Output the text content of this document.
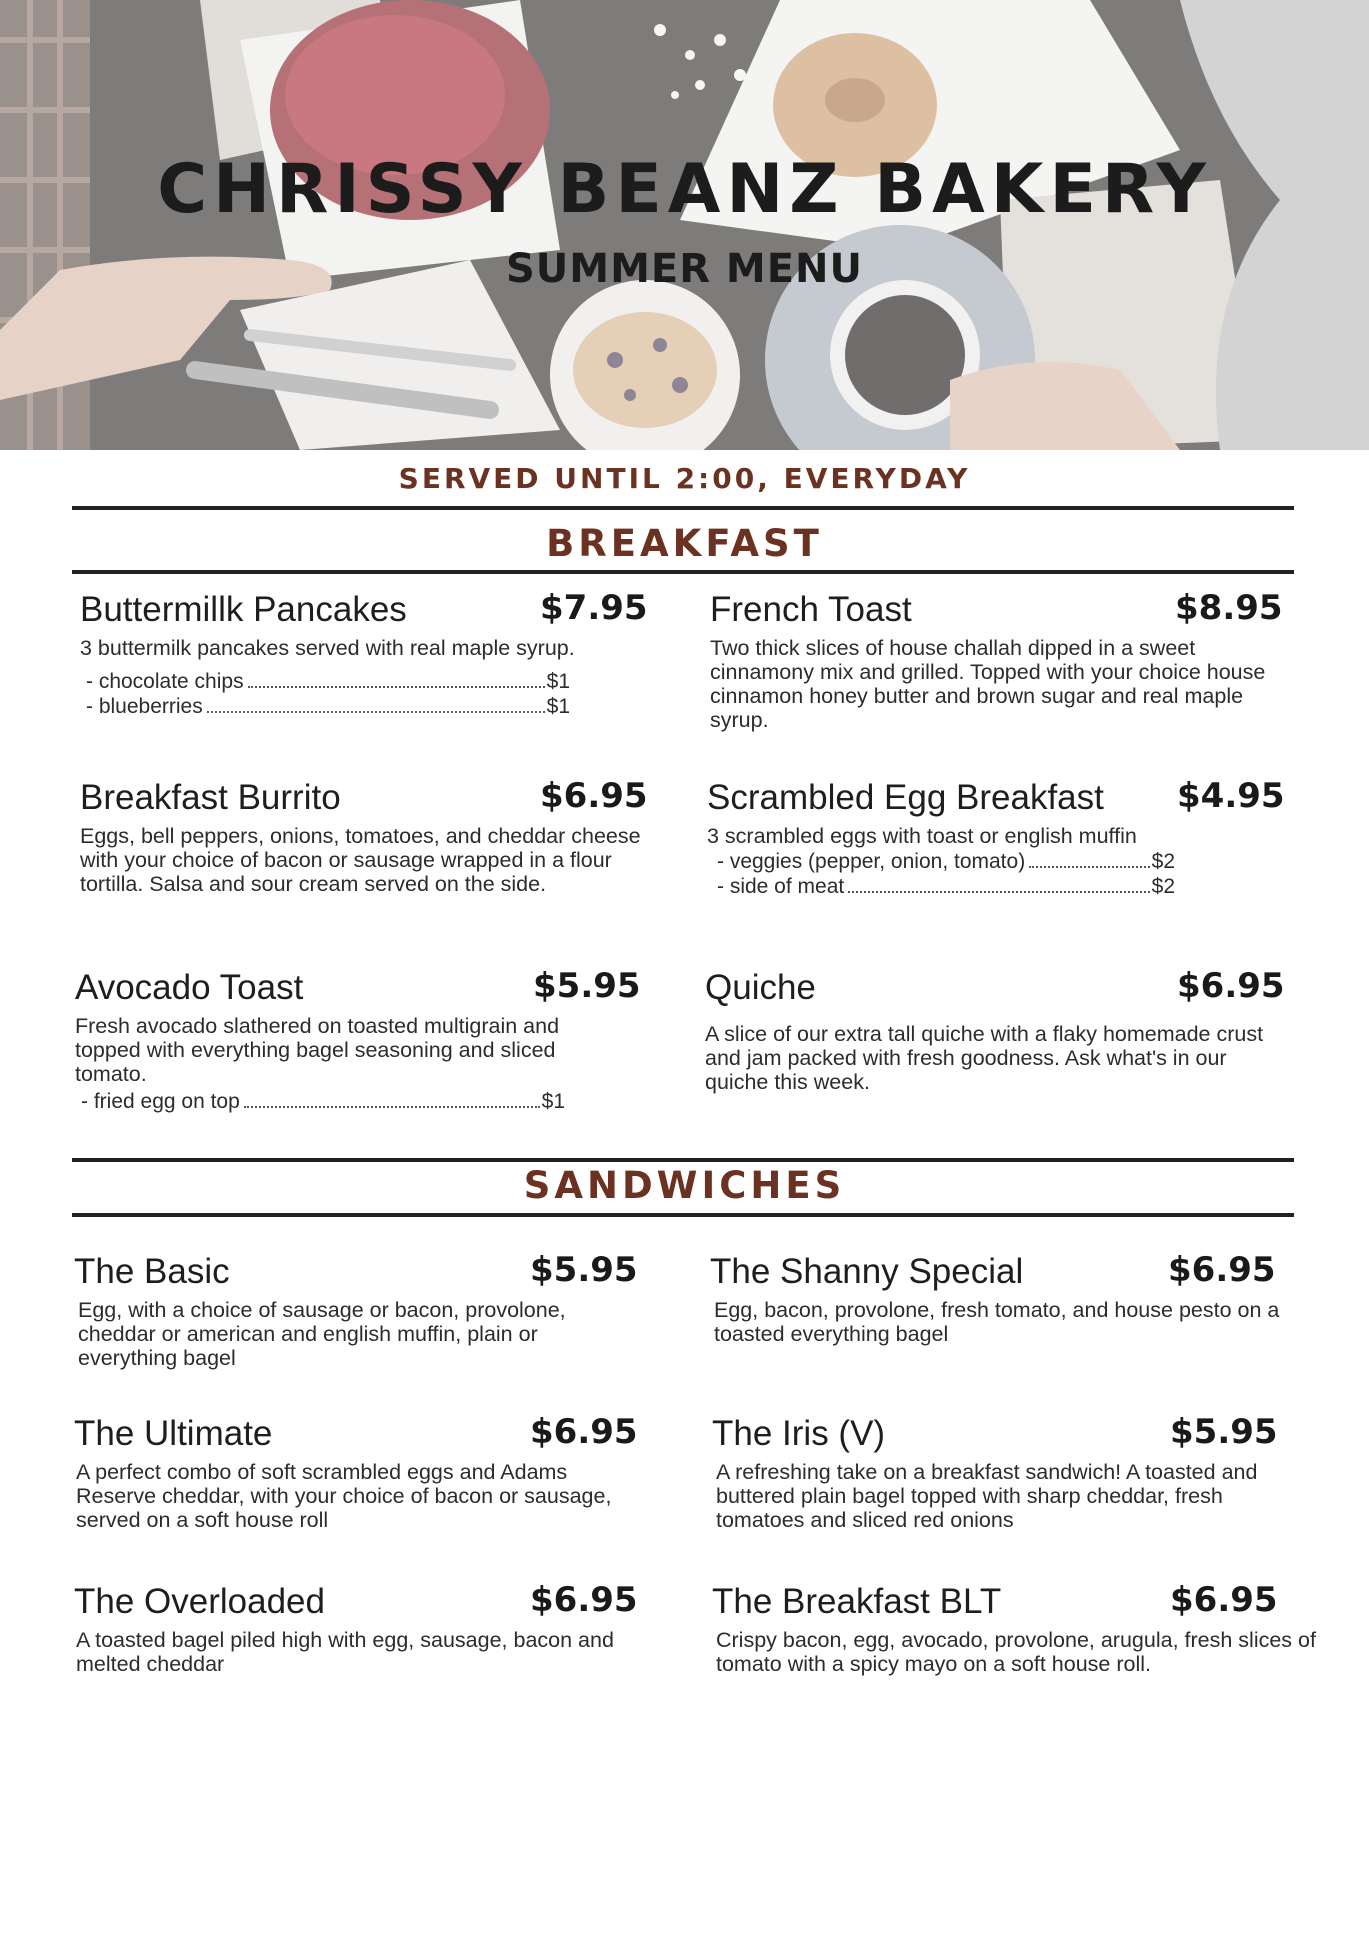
CHRISSY BEANZ BAKERY
SUMMER MENU
SERVED UNTIL 2:00, EVERYDAY
BREAKFAST
Buttermillk Pancakes	$7.95
3 buttermilk pancakes served with real maple syrup.
- chocolate chips	$1
- blueberries	$1
French Toast	$8.95
Two thick slices of house challah dipped in a sweet cinnamony mix and grilled. Topped with your choice house cinnamon honey butter and brown sugar and real maple syrup.
Breakfast Burrito	$6.95
Eggs, bell peppers, onions, tomatoes, and cheddar cheese with your choice of bacon or sausage wrapped in a flour tortilla. Salsa and sour cream served on the side.
Scrambled Egg Breakfast $4.95
3 scrambled eggs with toast or english muffin
- veggies (pepper, onion, tomato)	$2
- side of meat	$2
Avocado Toast	$5.95
Fresh avocado slathered on toasted multigrain and topped with everything bagel seasoning and sliced tomato.
- fried egg on top	$1
Quiche	$6.95
A slice of our extra tall quiche with a flaky homemade crust and jam packed with fresh goodness. Ask what's in our quiche this week.
SANDWICHES
The Basic	$5.95
Egg, with a choice of sausage or bacon, provolone, cheddar or american and english muffin, plain or everything bagel
The Shanny Special	$6.95
Egg, bacon, provolone, fresh tomato, and house pesto on a toasted everything bagel
The Ultimate	$6.95
A perfect combo of soft scrambled eggs and Adams Reserve cheddar, with your choice of bacon or sausage, served on a soft house roll
The Iris (V)	$5.95
A refreshing take on a breakfast sandwich! A toasted and buttered plain bagel topped with sharp cheddar, fresh tomatoes and sliced red onions
The Overloaded	$6.95
A toasted bagel piled high with egg, sausage, bacon and melted cheddar
The Breakfast BLT	$6.95
Crispy bacon, egg, avocado, provolone, arugula, fresh slices of tomato with a spicy mayo on a soft house roll.
